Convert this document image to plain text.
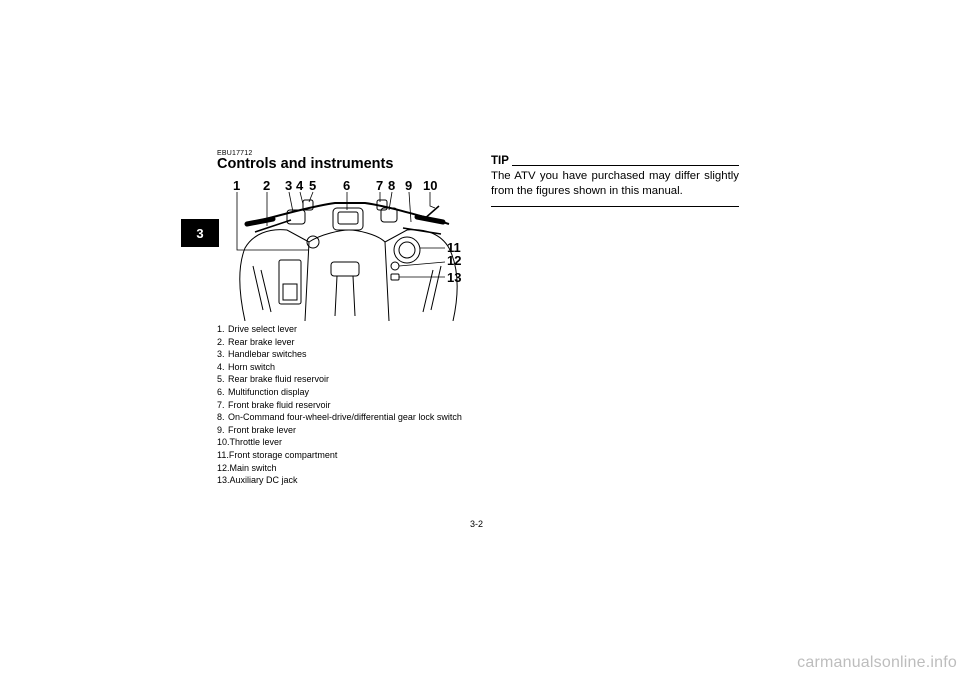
3
EBU17712
Controls and instruments
1 2 3 4 5 6 7 8 9 10
11
12
13
1. Drive select lever
2. Rear brake lever
3. Handlebar switches
4. Horn switch
5. Rear brake fluid reservoir
6. Multifunction display
7. Front brake fluid reservoir
8. On-Command four-wheel-drive/differential gear lock switch
9. Front brake lever
10. Throttle lever
11. Front storage compartment
12. Main switch
13. Auxiliary DC jack
TIP
The ATV you have purchased may differ slightly from the figures shown in this manual.
3-2
carmanualsonline.info
